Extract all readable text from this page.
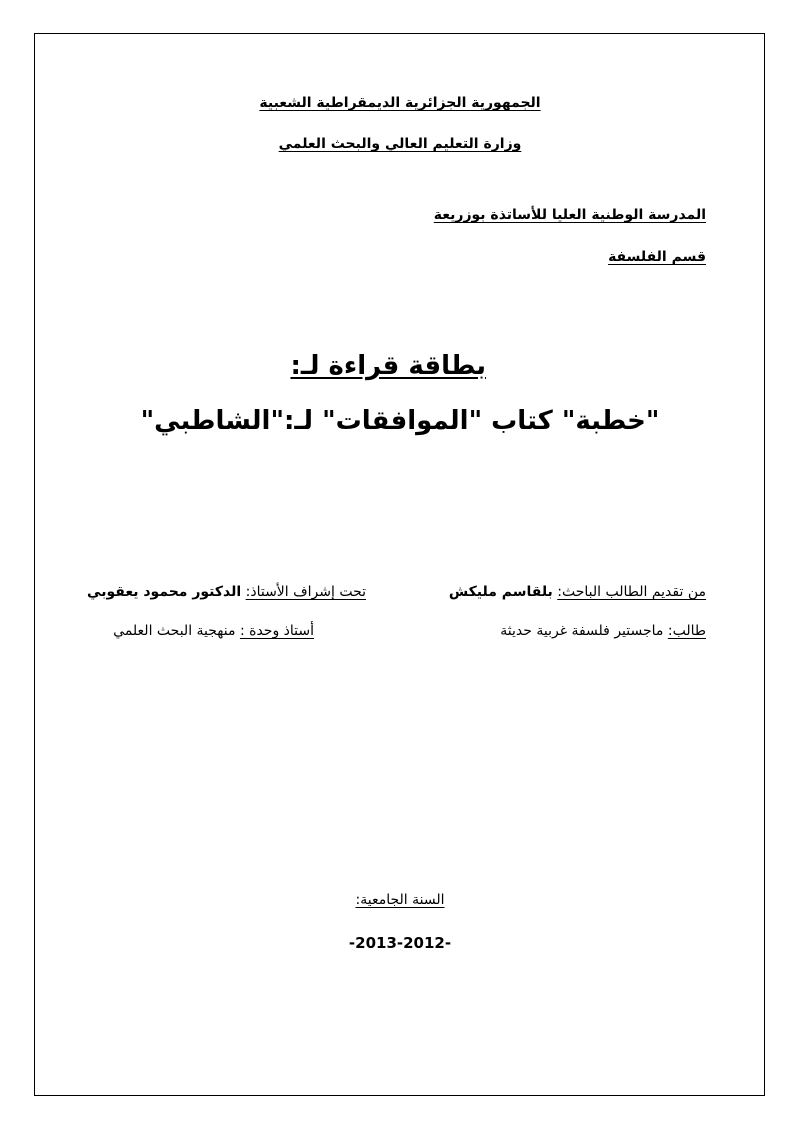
الجمهورية الجزائرية الديمقراطية الشعبية
وزارة التعليم العالي والبحث العلمي
المدرسة الوطنية العليا للأساتذة بوزريعة
قسم الفلسفة
بطاقة قراءة لـ:
"خطبة" كتاب "الموافقات" لـ:"الشاطبي"
من تقديم الطالب الباحث: بلقاسم مليكش
تحت إشراف الأستاذ: الدكتور محمود يعقوبي
طالب: ماجستير فلسفة غربية حديثة
أستاذ وحدة : منهجية البحث العلمي
السنة الجامعية:
-2013-2012-
